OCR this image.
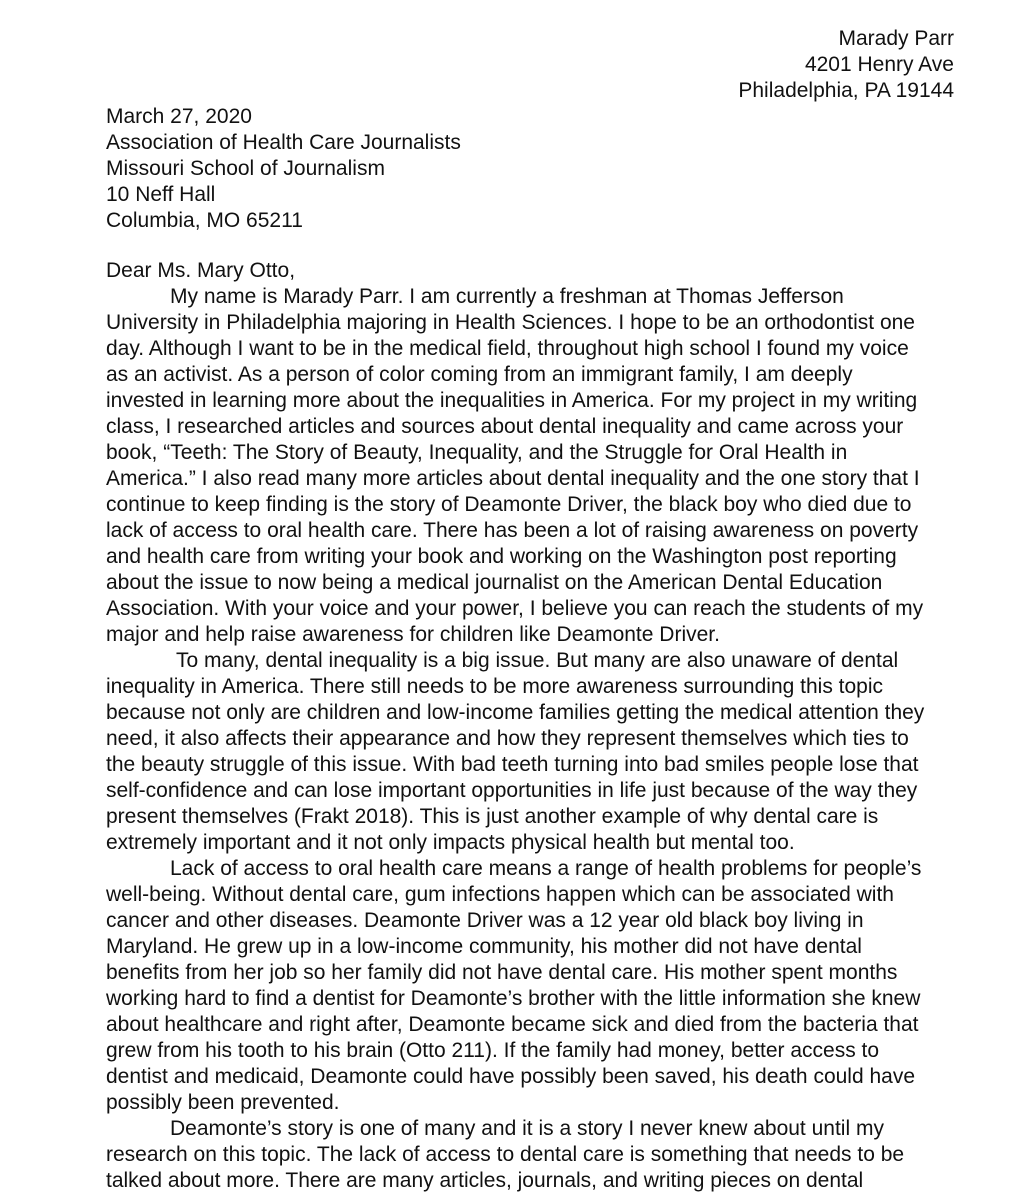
Marady Parr
4201 Henry Ave
Philadelphia, PA 19144
March 27, 2020
Association of Health Care Journalists
Missouri School of Journalism
10 Neff Hall
Columbia, MO 65211

Dear Ms. Mary Otto,

My name is Marady Parr. I am currently a freshman at Thomas Jefferson
University in Philadelphia majoring in Health Sciences. I hope to be an orthodontist one
day. Although I want to be in the medical field, throughout high school I found my voice
as an activist. As a person of color coming from an immigrant family, I am deeply
invested in learning more about the inequalities in America. For my project in my writing
class, I researched articles and sources about dental inequality and came across your
book, “Teeth: The Story of Beauty, Inequality, and the Struggle for Oral Health in
America.” I also read many more articles about dental inequality and the one story that I
continue to keep finding is the story of Deamonte Driver, the black boy who died due to
lack of access to oral health care. There has been a lot of raising awareness on poverty
and health care from writing your book and working on the Washington post reporting
about the issue to now being a medical journalist on the American Dental Education
Association. With your voice and your power, I believe you can reach the students of my
major and help raise awareness for children like Deamonte Driver.

To many, dental inequality is a big issue. But many are also unaware of dental
inequality in America. There still needs to be more awareness surrounding this topic
because not only are children and low-income families getting the medical attention they
need, it also affects their appearance and how they represent themselves which ties to
the beauty struggle of this issue. With bad teeth turning into bad smiles people lose that
self-confidence and can lose important opportunities in life just because of the way they
present themselves (Frakt 2018). This is just another example of why dental care is
extremely important and it not only impacts physical health but mental too.

Lack of access to oral health care means a range of health problems for people’s
well-being. Without dental care, gum infections happen which can be associated with
cancer and other diseases. Deamonte Driver was a 12 year old black boy living in
Maryland. He grew up in a low-income community, his mother did not have dental
benefits from her job so her family did not have dental care. His mother spent months
working hard to find a dentist for Deamonte’s brother with the little information she knew
about healthcare and right after, Deamonte became sick and died from the bacteria that
grew from his tooth to his brain (Otto 211). If the family had money, better access to
dentist and medicaid, Deamonte could have possibly been saved, his death could have
possibly been prevented.

Deamonte’s story is one of many and it is a story I never knew about until my
research on this topic. The lack of access to dental care is something that needs to be
talked about more. There are many articles, journals, and writing pieces on dental
